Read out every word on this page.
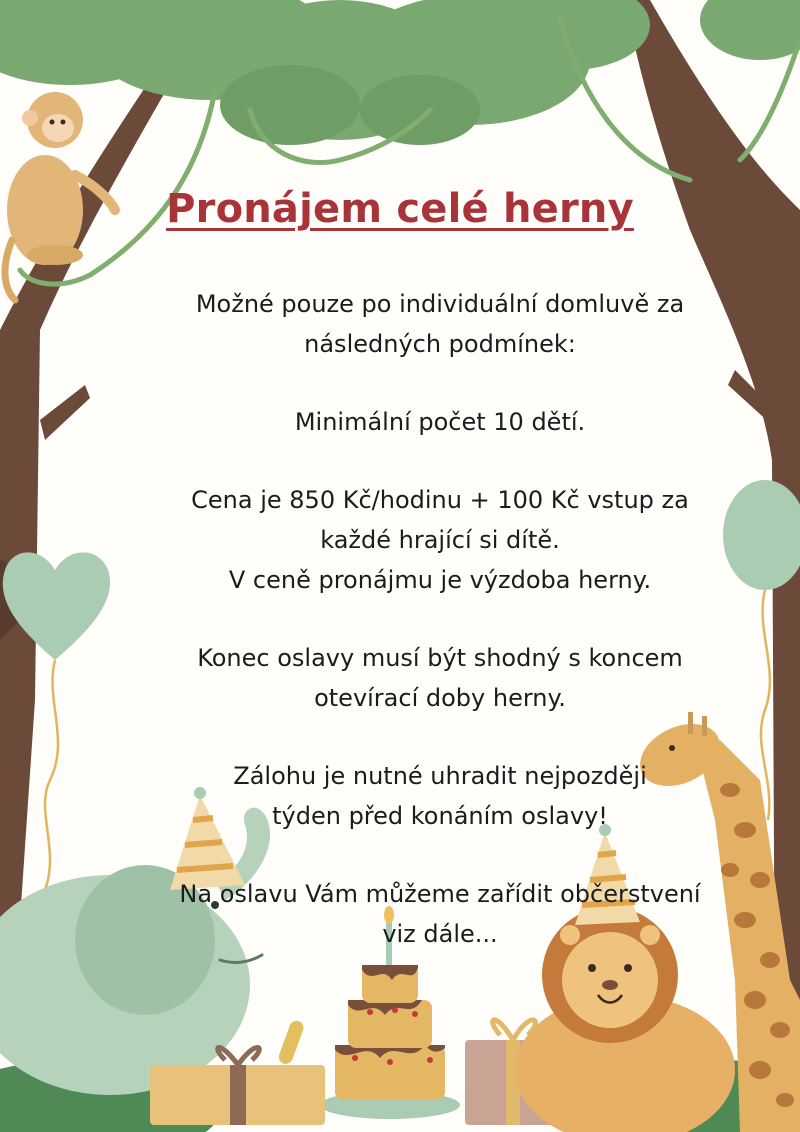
Pronájem celé herny

Možné pouze po individuální domluvě za
následných podmínek:

Minimální počet 10 dětí.

Cena je 850 Kč/hodinu + 100 Kč vstup za
každé hrající si dítě.
V ceně pronájmu je výzdoba herny.

Konec oslavy musí být shodný s koncem
otevírací doby herny.

Zálohu je nutné uhradit nejpozději
týden před konáním oslavy!

Na oslavu Vám můžeme zařídit občerstvení
viz dále...
